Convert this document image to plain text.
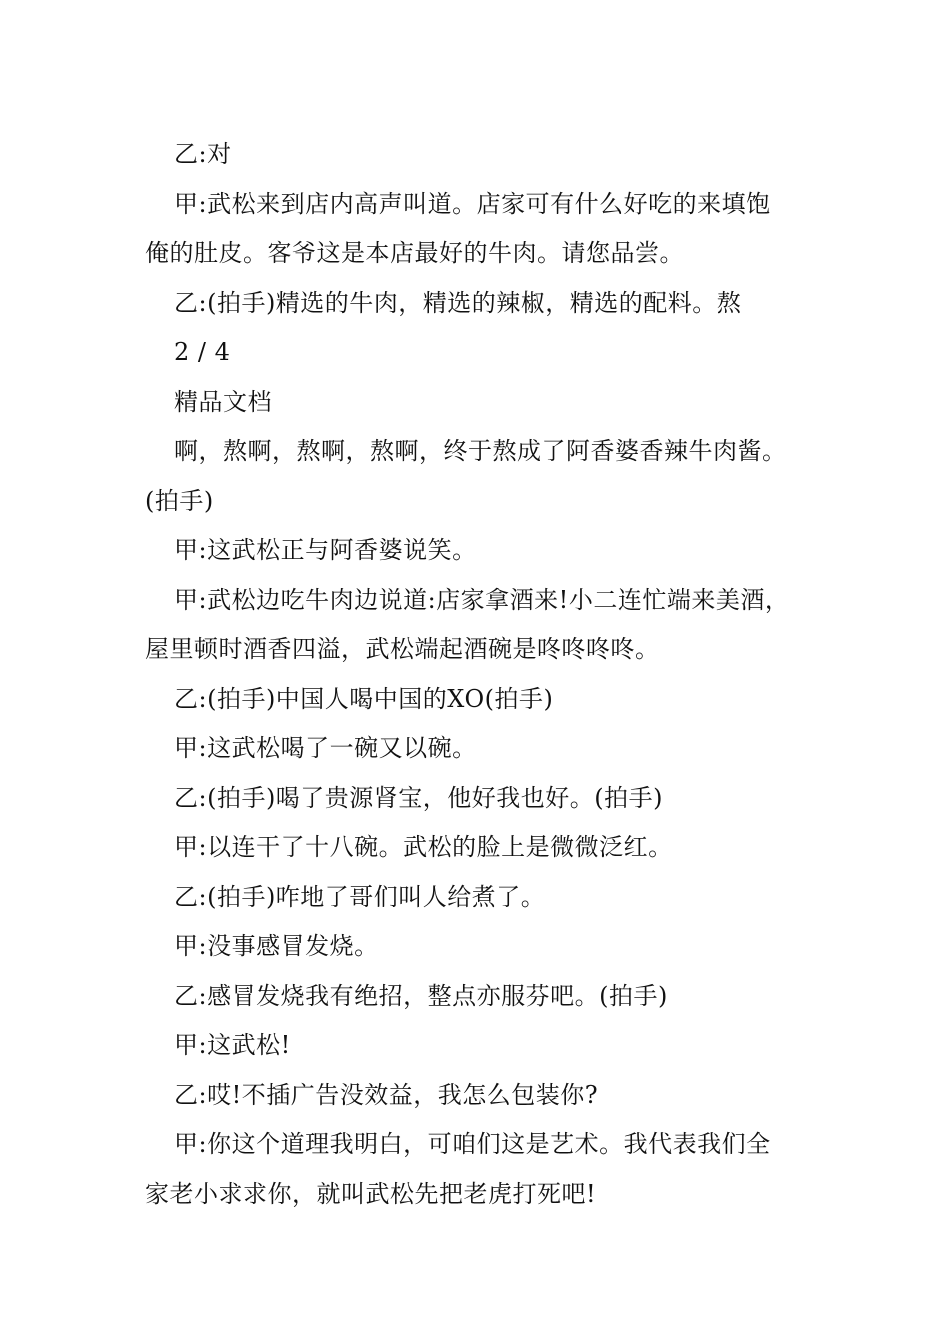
乙:对
甲:武松来到店内高声叫道。店家可有什么好吃的来填饱
俺的肚皮。客爷这是本店最好的牛肉。请您品尝。
乙:(拍手)精选的牛肉，精选的辣椒，精选的配料。熬
2 / 4
精品文档
啊，熬啊，熬啊，熬啊，终于熬成了阿香婆香辣牛肉酱。
(拍手)
甲:这武松正与阿香婆说笑。
甲:武松边吃牛肉边说道:店家拿酒来!小二连忙端来美酒，
屋里顿时酒香四溢，武松端起酒碗是咚咚咚咚。
乙:(拍手)中国人喝中国的XO(拍手)
甲:这武松喝了一碗又以碗。
乙:(拍手)喝了贵源肾宝，他好我也好。(拍手)
甲:以连干了十八碗。武松的脸上是微微泛红。
乙:(拍手)咋地了哥们叫人给煮了。
甲:没事感冒发烧。
乙:感冒发烧我有绝招，整点亦服芬吧。(拍手)
甲:这武松!
乙:哎!不插广告没效益，我怎么包装你?
甲:你这个道理我明白，可咱们这是艺术。我代表我们全
家老小求求你，就叫武松先把老虎打死吧!
